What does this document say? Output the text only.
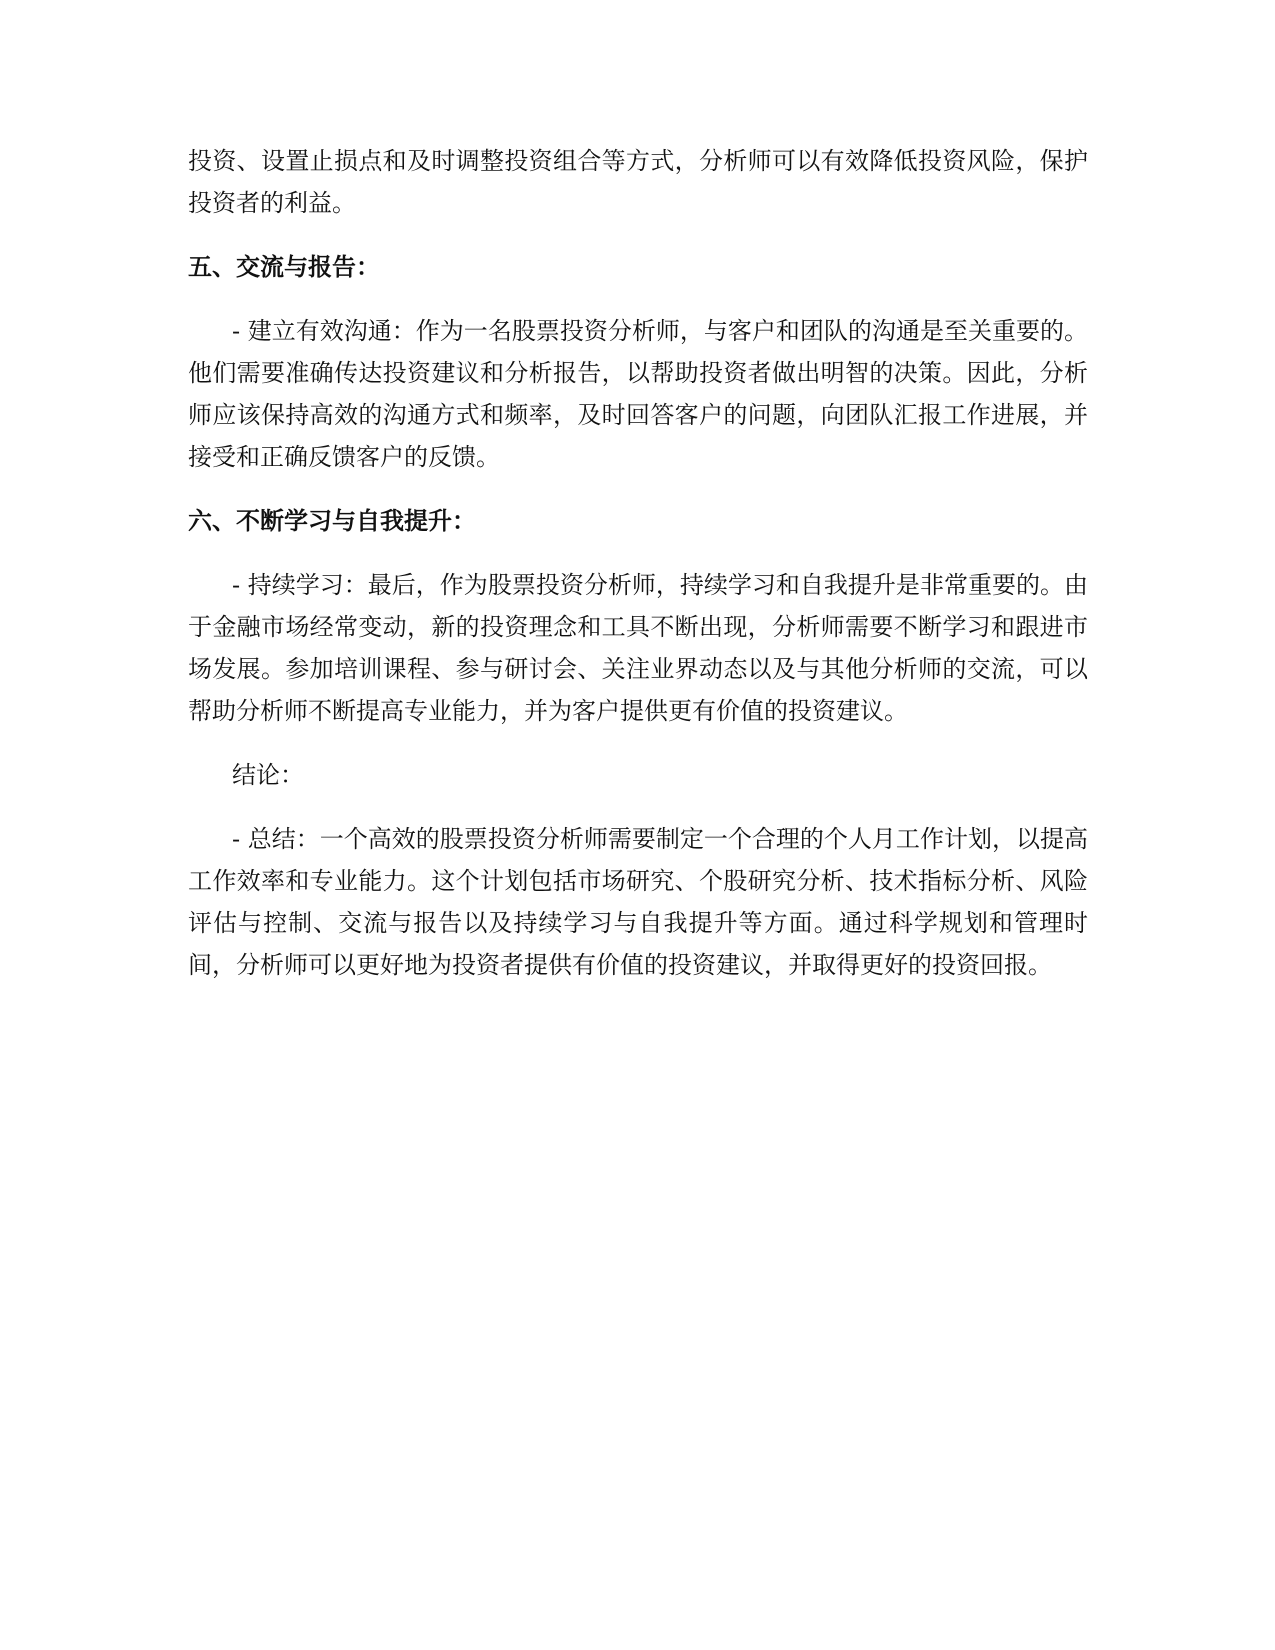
投资、设置止损点和及时调整投资组合等方式，分析师可以有效降低投资风险，保护投资者的利益。

五、交流与报告：

- 建立有效沟通：作为一名股票投资分析师，与客户和团队的沟通是至关重要的。他们需要准确传达投资建议和分析报告，以帮助投资者做出明智的决策。因此，分析师应该保持高效的沟通方式和频率，及时回答客户的问题，向团队汇报工作进展，并接受和正确反馈客户的反馈。

六、不断学习与自我提升：

- 持续学习：最后，作为股票投资分析师，持续学习和自我提升是非常重要的。由于金融市场经常变动，新的投资理念和工具不断出现，分析师需要不断学习和跟进市场发展。参加培训课程、参与研讨会、关注业界动态以及与其他分析师的交流，可以帮助分析师不断提高专业能力，并为客户提供更有价值的投资建议。

结论：

- 总结：一个高效的股票投资分析师需要制定一个合理的个人月工作计划，以提高工作效率和专业能力。这个计划包括市场研究、个股研究分析、技术指标分析、风险评估与控制、交流与报告以及持续学习与自我提升等方面。通过科学规划和管理时间，分析师可以更好地为投资者提供有价值的投资建议，并取得更好的投资回报。
